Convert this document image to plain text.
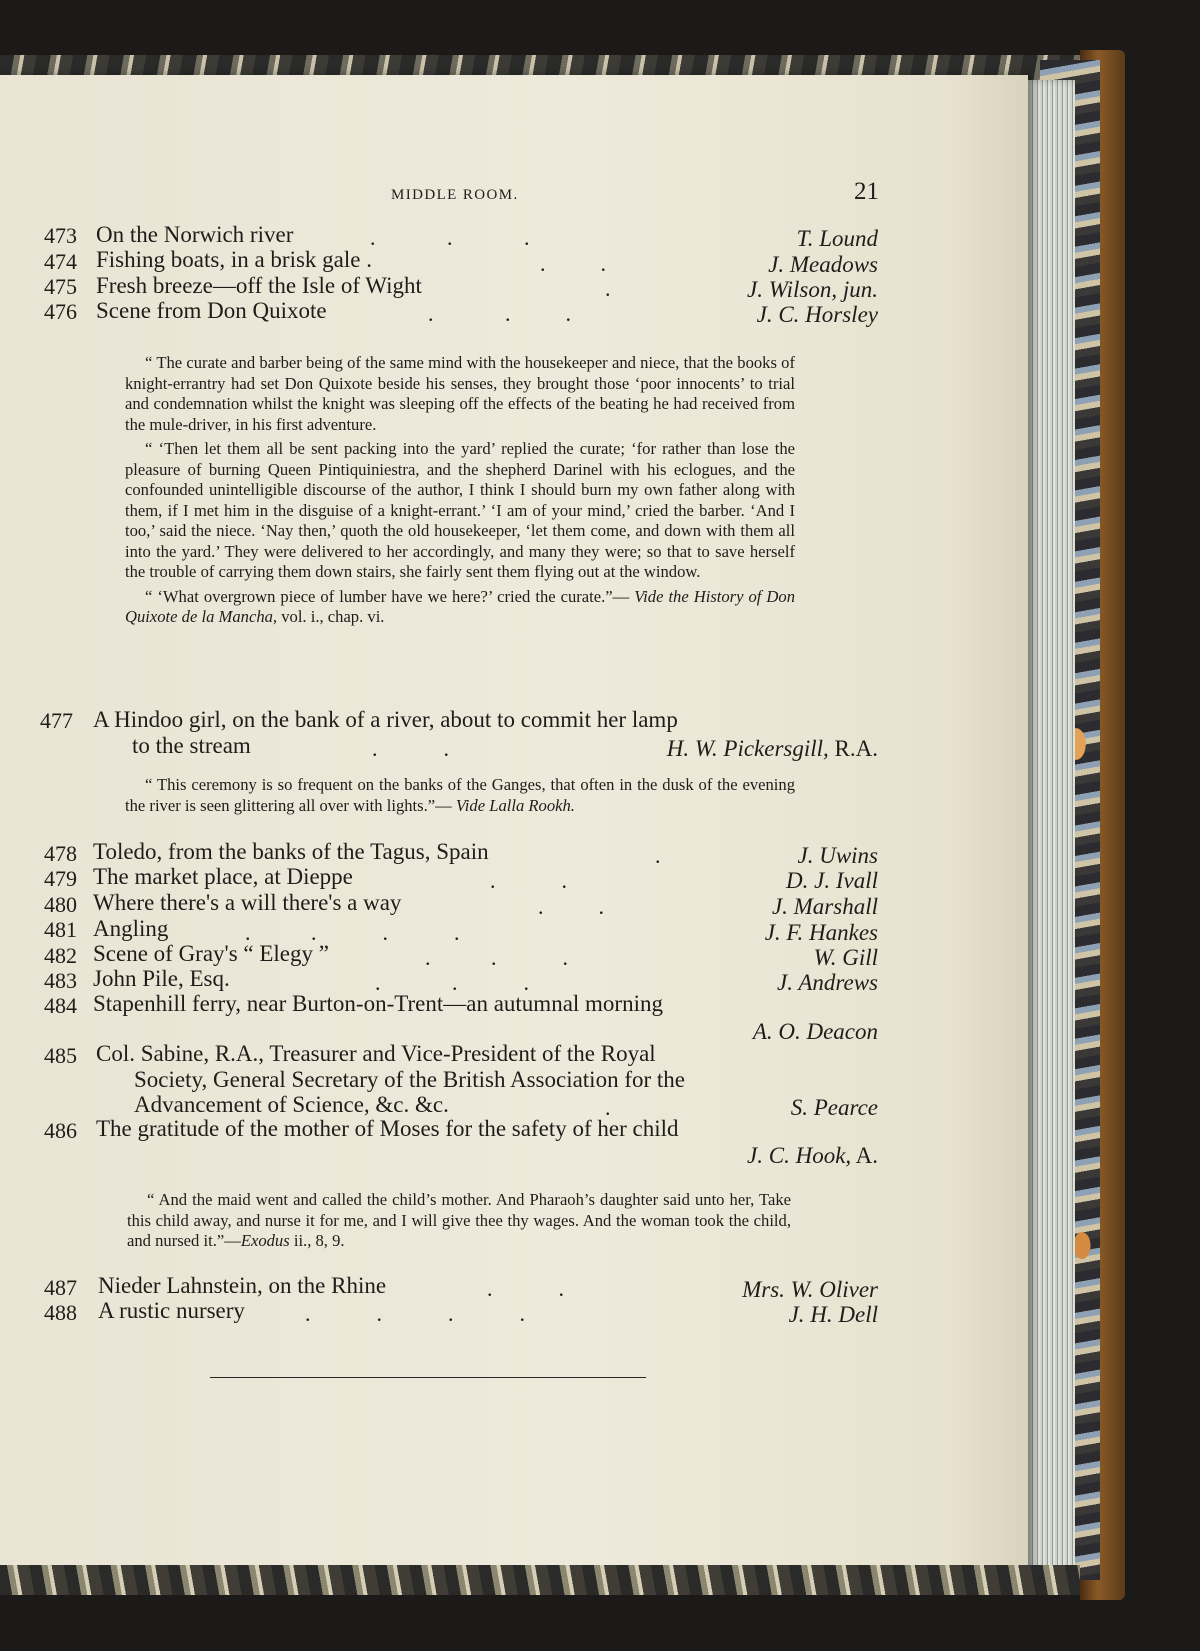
MIDDLE ROOM.	21
473 On the Norwich river	.             .             .	T. Lound
474 Fishing boats, in a brisk gale .	.          .	J. Meadows
475 Fresh breeze—off the Isle of Wight	.	J. Wilson, jun.
476 Scene from Don Quixote	.             .          .	J. C. Horsley

“ The curate and barber being of the same mind with the housekeeper and niece, that the books of knight-errantry had set Don Quixote beside his senses, they brought those ‘poor innocents’ to trial and condemnation whilst the knight was sleeping off the effects of the beating he had received from the mule-driver, in his first adventure.

“ ‘Then let them all be sent packing into the yard’ replied the curate; ‘for rather than lose the pleasure of burning Queen Pintiquiniestra, and the shepherd Darinel with his eclogues, and the confounded unintelligible discourse of the author, I think I should burn my own father along with them, if I met him in the disguise of a knight-errant.’ ‘I am of your mind,’ cried the barber. ‘And I too,’ said the niece. ‘Nay then,’ quoth the old housekeeper, ‘let them come, and down with them all into the yard.’ They were delivered to her accordingly, and many they were; so that to save herself the trouble of carrying them down stairs, she fairly sent them flying out at the window.

“ ‘What overgrown piece of lumber have we here?’ cried the curate.”— Vide the History of Don Quixote de la Mancha, vol. i., chap. vi.

477 A Hindoo girl, on the bank of a river, about to commit her lamp
to the stream	.            .	H. W. Pickersgill, R.A.

“ This ceremony is so frequent on the banks of the Ganges, that often in the dusk of the evening the river is seen glittering all over with lights.”— Vide Lalla Rookh.

478 Toledo, from the banks of the Tagus, Spain	.	J. Uwins
479 The market place, at Dieppe	.            .	D. J. Ivall
480 Where there's a will there's a way	.          .	J. Marshall
481 Angling	.           .            .            .	J. F. Hankes
482 Scene of Gray's “ Elegy ”	.           .            .	W. Gill
483 John Pile, Esq.	.             .            .	J. Andrews
484 Stapenhill ferry, near Burton-on-Trent—an autumnal morning
A. O. Deacon
485 Col. Sabine, R.A., Treasurer and Vice-President of the Royal
Society, General Secretary of the British Association for the
Advancement of Science, &c. &c.	.	S. Pearce
486 The gratitude of the mother of Moses for the safety of her child
J. C. Hook, A.

“ And the maid went and called the child’s mother. And Pharaoh’s daughter said unto her, Take this child away, and nurse it for me, and I will give thee thy wages. And the woman took the child, and nursed it.”—Exodus ii., 8, 9.

487 Nieder Lahnstein, on the Rhine	.            .	Mrs. W. Oliver
488 A rustic nursery	.            .            .            .	J. H. Dell
